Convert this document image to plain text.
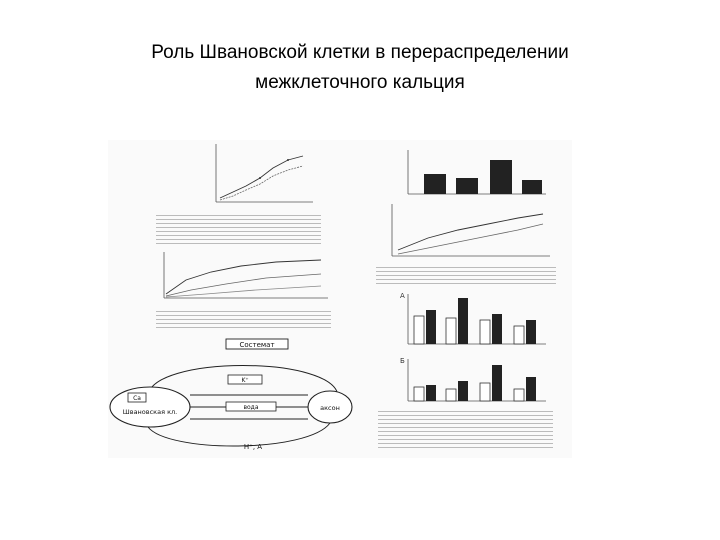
Роль Швановской клетки в перераспределении
межклеточного кальция
A
Б
Состемат
Ca
Швановская кл.	аксон
K⁺
вода
H⁺, A
